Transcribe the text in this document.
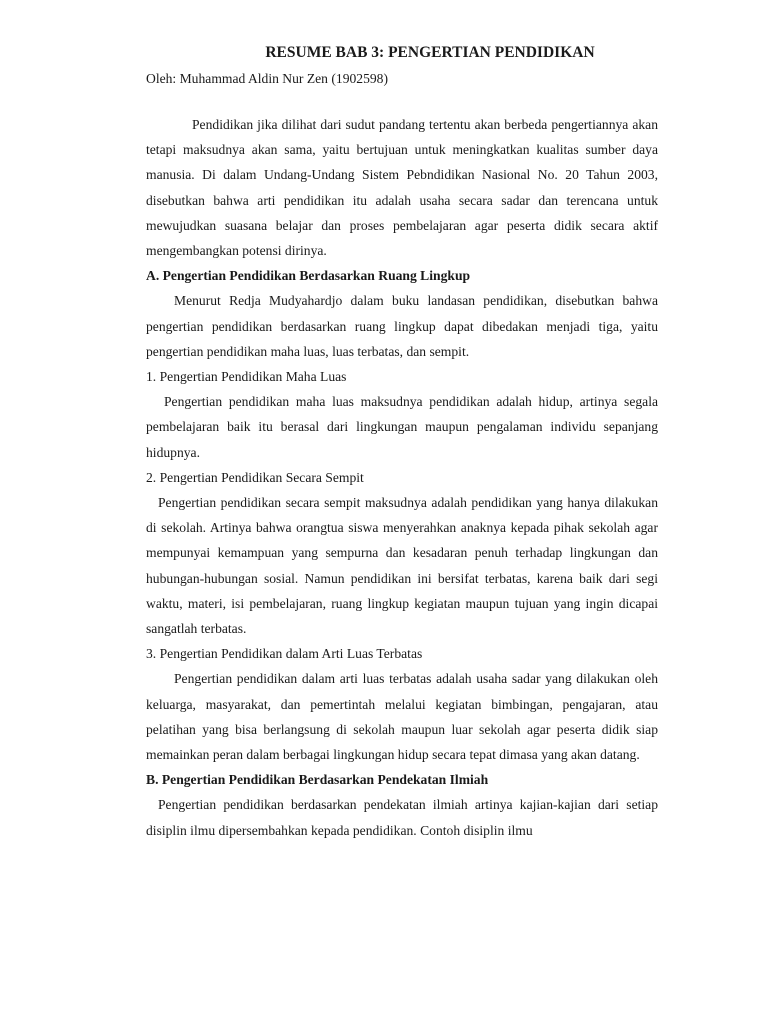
RESUME BAB 3: PENGERTIAN PENDIDIKAN
Oleh: Muhammad Aldin Nur Zen (1902598)

Pendidikan jika dilihat dari sudut pandang tertentu akan berbeda pengertiannya akan tetapi maksudnya akan sama, yaitu bertujuan untuk meningkatkan kualitas sumber daya manusia. Di dalam Undang-Undang Sistem Pebndidikan Nasional No. 20 Tahun 2003, disebutkan bahwa arti pendidikan itu adalah usaha secara sadar dan terencana untuk mewujudkan suasana belajar dan proses pembelajaran agar peserta didik secara aktif mengembangkan potensi dirinya.

A. Pengertian Pendidikan Berdasarkan Ruang Lingkup

Menurut Redja Mudyahardjo dalam buku landasan pendidikan, disebutkan bahwa pengertian pendidikan berdasarkan ruang lingkup dapat dibedakan menjadi tiga, yaitu pengertian pendidikan maha luas, luas terbatas, dan sempit.

1. Pengertian Pendidikan Maha Luas

Pengertian pendidikan maha luas maksudnya pendidikan adalah hidup, artinya segala pembelajaran baik itu berasal dari lingkungan maupun pengalaman individu sepanjang hidupnya.

2. Pengertian Pendidikan Secara Sempit

Pengertian pendidikan secara sempit maksudnya adalah pendidikan yang hanya dilakukan di sekolah. Artinya bahwa orangtua siswa menyerahkan anaknya kepada pihak sekolah agar mempunyai kemampuan yang sempurna dan kesadaran penuh terhadap lingkungan dan hubungan-hubungan sosial. Namun pendidikan ini bersifat terbatas, karena baik dari segi waktu, materi, isi pembelajaran, ruang lingkup kegiatan maupun tujuan yang ingin dicapai sangatlah terbatas.

3. Pengertian Pendidikan dalam Arti Luas Terbatas

Pengertian pendidikan dalam arti luas terbatas adalah usaha sadar yang dilakukan oleh keluarga, masyarakat, dan pemertintah melalui kegiatan bimbingan, pengajaran, atau pelatihan yang bisa berlangsung di sekolah maupun luar sekolah agar peserta didik siap memainkan peran dalam berbagai lingkungan hidup secara tepat dimasa yang akan datang.

B. Pengertian Pendidikan Berdasarkan Pendekatan Ilmiah

Pengertian pendidikan berdasarkan pendekatan ilmiah artinya kajian-kajian dari setiap disiplin ilmu dipersembahkan kepada pendidikan. Contoh disiplin ilmu
